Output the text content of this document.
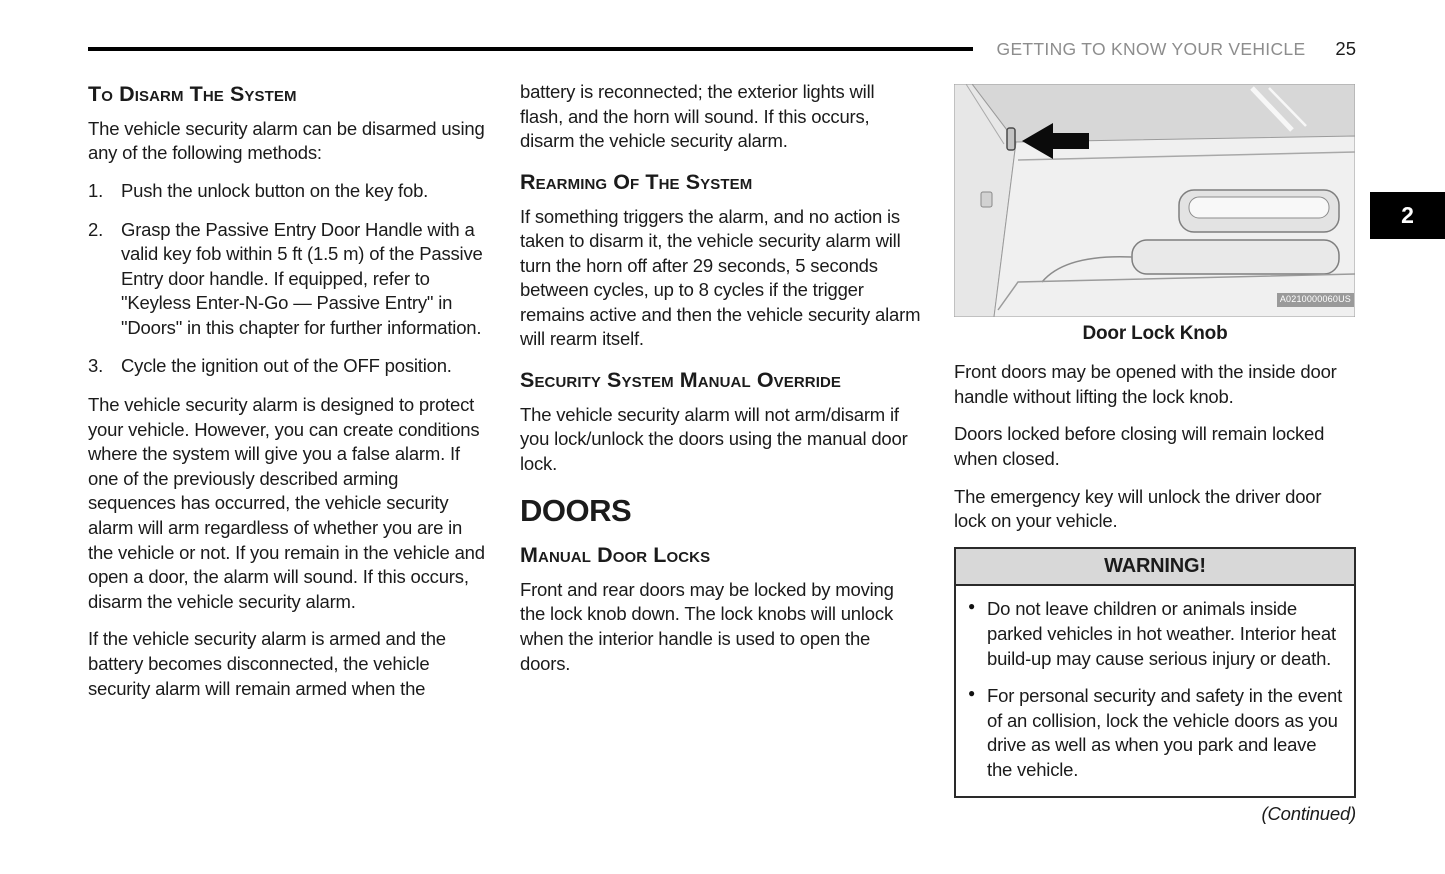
GETTING TO KNOW YOUR VEHICLE 25
2
To Disarm The System

The vehicle security alarm can be disarmed using any of the following methods:

1. Push the unlock button on the key fob.
2. Grasp the Passive Entry Door Handle with a valid key fob within 5 ft (1.5 m) of the Passive Entry door handle. If equipped, refer to "Keyless Enter-N-Go — Passive Entry" in "Doors" in this chapter for further information.
3. Cycle the ignition out of the OFF position.

The vehicle security alarm is designed to protect your vehicle. However, you can create conditions where the system will give you a false alarm. If one of the previously described arming sequences has occurred, the vehicle security alarm will arm regardless of whether you are in the vehicle or not. If you remain in the vehicle and open a door, the alarm will sound. If this occurs, disarm the vehicle security alarm.

If the vehicle security alarm is armed and the battery becomes disconnected, the vehicle security alarm will remain armed when the

battery is reconnected; the exterior lights will flash, and the horn will sound. If this occurs, disarm the vehicle security alarm.

Rearming Of The System

If something triggers the alarm, and no action is taken to disarm it, the vehicle security alarm will turn the horn off after 29 seconds, 5 seconds between cycles, up to 8 cycles if the trigger remains active and then the vehicle security alarm will rearm itself.

Security System Manual Override

The vehicle security alarm will not arm/disarm if you lock/unlock the doors using the manual door lock.

DOORS
Manual Door Locks

Front and rear doors may be locked by moving the lock knob down. The lock knobs will unlock when the interior handle is used to open the doors.

A0210000060US
Door Lock Knob

Front doors may be opened with the inside door handle without lifting the lock knob.

Doors locked before closing will remain locked when closed.

The emergency key will unlock the driver door lock on your vehicle.

WARNING!
● Do not leave children or animals inside parked vehicles in hot weather. Interior heat build-up may cause serious injury or death.
● For personal security and safety in the event of an collision, lock the vehicle doors as you drive as well as when you park and leave the vehicle.
(Continued)
